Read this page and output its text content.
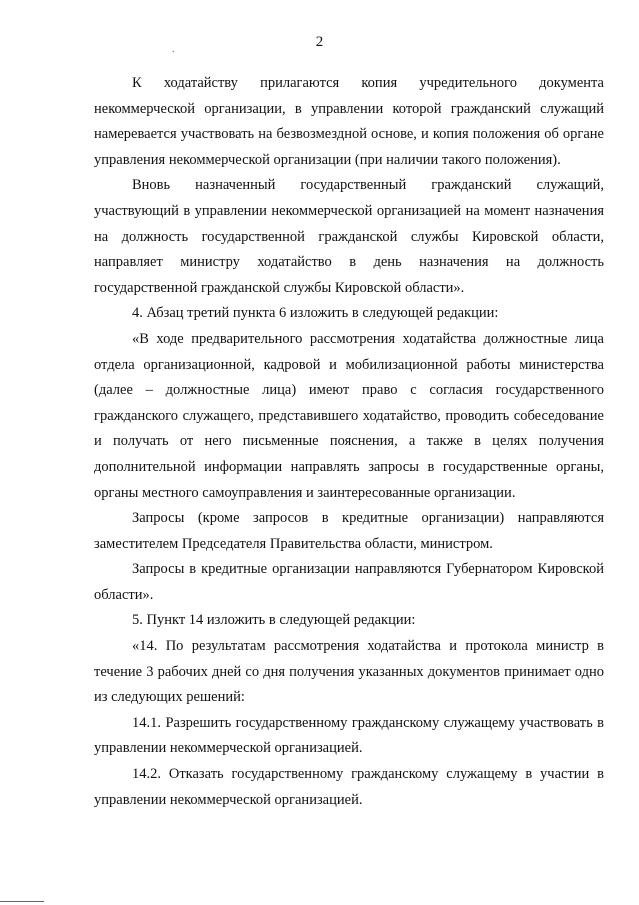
2
.

К ходатайству прилагаются копия учредительного документа некоммерческой организации, в управлении которой гражданский служащий намеревается участвовать на безвозмездной основе, и копия положения об органе управления некоммерческой организации (при наличии такого положения).

Вновь назначенный государственный гражданский служащий, участвующий в управлении некоммерческой организацией на момент назначения на должность государственной гражданской службы Кировской области, направляет министру ходатайство в день назначения на должность государственной гражданской службы Кировской области».

4. Абзац третий пункта 6 изложить в следующей редакции:

«В ходе предварительного рассмотрения ходатайства должностные лица отдела организационной, кадровой и мобилизационной работы министерства (далее – должностные лица) имеют право с согласия государственного гражданского служащего, представившего ходатайство, проводить собеседование и получать от него письменные пояснения, а также в целях получения дополнительной информации направлять запросы в государственные органы, органы местного самоуправления и заинтересованные организации.

Запросы (кроме запросов в кредитные организации) направляются заместителем Председателя Правительства области, министром.

Запросы в кредитные организации направляются Губернатором Кировской области».

5. Пункт 14 изложить в следующей редакции:

«14. По результатам рассмотрения ходатайства и протокола министр в течение 3 рабочих дней со дня получения указанных документов принимает одно из следующих решений:

14.1. Разрешить государственному гражданскому служащему участвовать в управлении некоммерческой организацией.

14.2. Отказать государственному гражданскому служащему в участии в управлении некоммерческой организацией.
